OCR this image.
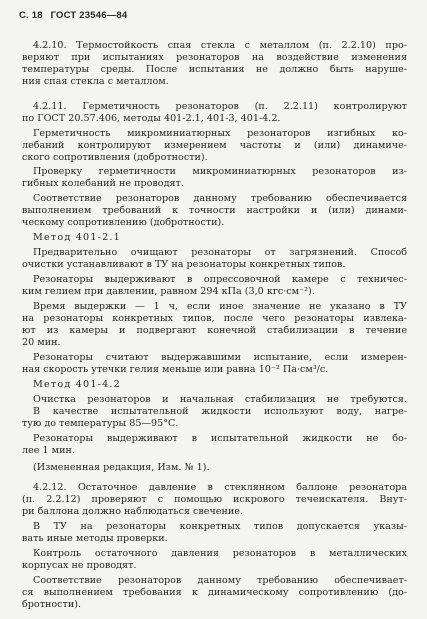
С. 18 ГОСТ 23546—84
4.2.10. Термостойкость спая стекла с металлом (п. 2.2.10) про-
веряют при испытаниях резонаторов на воздействие изменения
температуры среды. После испытания не должно быть наруше-
ния спая стекла с металлом.
4.2.11. Герметичность резонаторов (п. 2.2.11) контролируют
по ГОСТ 20.57.406, методы 401-2.1, 401-3, 401-4.2.
Герметичность микроминиатюрных резонаторов изгибных ко-
лебаний контролируют измерением частоты и (или) динамиче-
ского сопротивления (добротности).
Проверку герметичности микроминиатюрных резонаторов из-
гибных колебаний не проводят.
Соответствие резонаторов данному требованию обеспечивается
выполнением требований к точности настройки и (или) динами-
ческому сопротивлению (добротности).
Метод 401-2.1
Предварительно очищают резонаторы от загрязнений. Способ
очистки устанавливают в ТУ на резонаторы конкретных типов.
Резонаторы выдерживают в опрессовочной камере с техничес-
ким гелием при давлении, равном 294 кПа (3,0 кгс·см⁻²).
Время выдержки — 1 ч, если иное значение не указано в ТУ
на резонаторы конкретных типов, после чего резонаторы извлека-
ют из камеры и подвергают конечной стабилизации в течение
20 мин.
Резонаторы считают выдержавшими испытание, если измерен-
ная скорость утечки гелия меньше или равна 10⁻² Па·см³/с.
Метод 401-4.2
Очистка резонаторов и начальная стабилизация не требуются.
В качестве испытательной жидкости используют воду, нагре-
тую до температуры 85—95°С.
Резонаторы выдерживают в испытательной жидкости не бо-
лее 1 мин.
(Измененная редакция, Изм. № 1).
4.2.12. Остаточное давление в стеклянном баллоне резонатора
(п. 2.2.12) проверяют с помощью искрового течеискателя. Внут-
ри баллона должно наблюдаться свечение.
В ТУ на резонаторы конкретных типов допускается указы-
вать иные методы проверки.
Контроль остаточного давления резонаторов в металлических
корпусах не проводят.
Соответствие резонаторов данному требованию обеспечивает-
ся выполнением требования к динамическому сопротивлению (до-
бротности).
